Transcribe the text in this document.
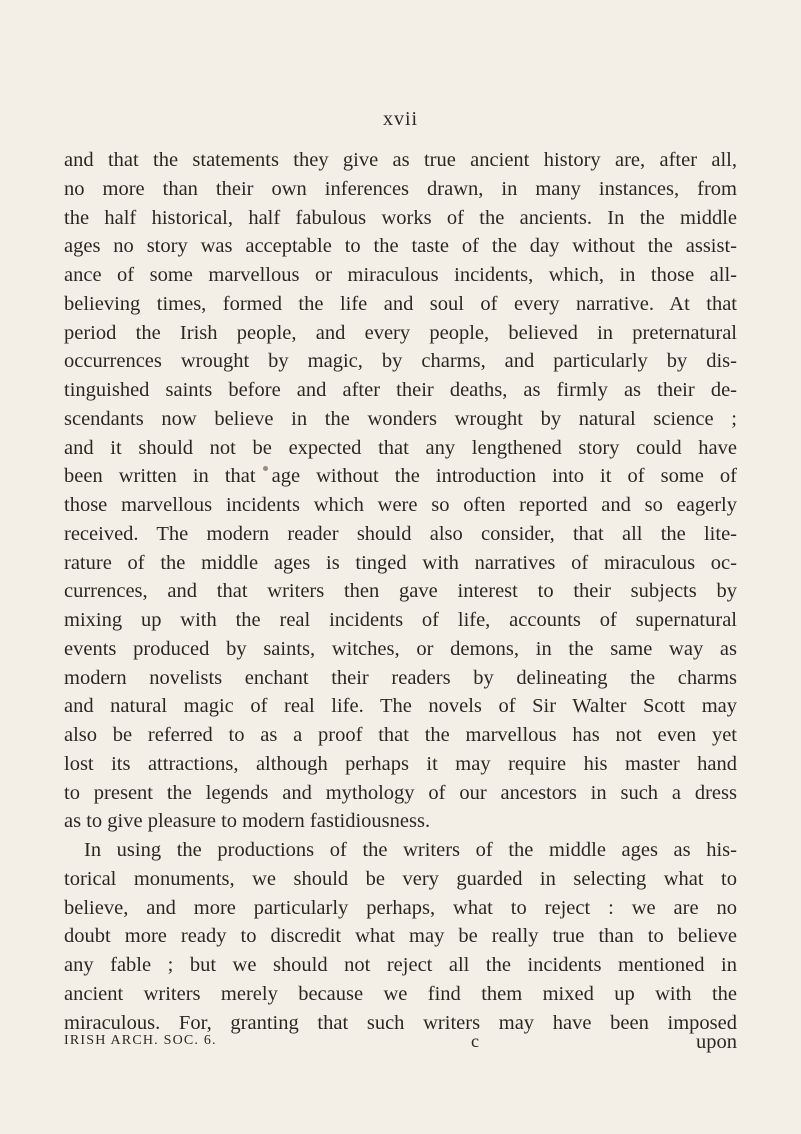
xvii
and that the statements they give as true ancient history are, after all,
no more than their own inferences drawn, in many instances, from
the half historical, half fabulous works of the ancients. In the middle
ages no story was acceptable to the taste of the day without the assist-
ance of some marvellous or miraculous incidents, which, in those all-
believing times, formed the life and soul of every narrative. At that
period the Irish people, and every people, believed in preternatural
occurrences wrought by magic, by charms, and particularly by dis-
tinguished saints before and after their deaths, as firmly as their de-
scendants now believe in the wonders wrought by natural science ;
and it should not be expected that any lengthened story could have
been written in that age without the introduction into it of some of
those marvellous incidents which were so often reported and so eagerly
received. The modern reader should also consider, that all the lite-
rature of the middle ages is tinged with narratives of miraculous oc-
currences, and that writers then gave interest to their subjects by
mixing up with the real incidents of life, accounts of supernatural
events produced by saints, witches, or demons, in the same way as
modern novelists enchant their readers by delineating the charms
and natural magic of real life. The novels of Sir Walter Scott may
also be referred to as a proof that the marvellous has not even yet
lost its attractions, although perhaps it may require his master hand
to present the legends and mythology of our ancestors in such a dress
as to give pleasure to modern fastidiousness.
In using the productions of the writers of the middle ages as his-
torical monuments, we should be very guarded in selecting what to
believe, and more particularly perhaps, what to reject : we are no
doubt more ready to discredit what may be really true than to believe
any fable ; but we should not reject all the incidents mentioned in
ancient writers merely because we find them mixed up with the
miraculous. For, granting that such writers may have been imposed
IRISH ARCH. SOC. 6.	c	upon
